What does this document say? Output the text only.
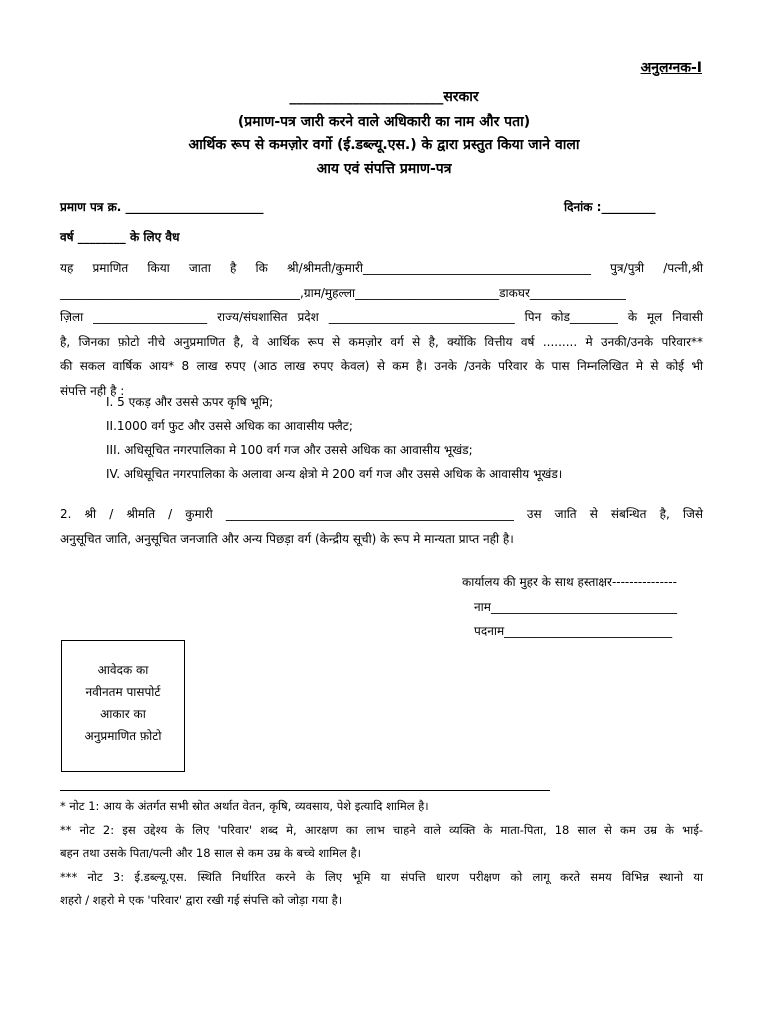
अनुलग्नक-I
______________________सरकार
(प्रमाण-पत्र जारी करने वाले अधिकारी का नाम और पता)
आर्थिक रूप से कमज़ोर वर्गो (ई.डब्ल्यू.एस.) के द्वारा प्रस्तुत किया जाने वाला
आय एवं संपत्ति प्रमाण-पत्र
प्रमाण पत्र क्र. _______________________	दिनांक :_________
वर्ष ________ के लिए वैध
यह प्रमाणित किया जाता है कि श्री/श्रीमती/कुमारी______________________________________ पुत्र/पुत्री /पत्नी,श्री
________________________________________,ग्राम/मुहल्ला________________________डाकघर________________
ज़िला ___________________ राज्य/संघशासित प्रदेश _______________________________ पिन कोड________ के मूल निवासी
है, जिनका फ़ोटो नीचे अनुप्रमाणित है, वे आर्थिक रूप से कमज़ोर वर्ग से है, क्योंकि वित्तीय वर्ष ......... मे उनकी/उनके परिवार**
की सकल वार्षिक आय* 8 लाख रुपए (आठ लाख रुपए केवल) से कम है। उनके /उनके परिवार के पास निम्नलिखित मे से कोई भी
संपत्ति नही है :
I. 5 एकड़ और उससे ऊपर कृषि भूमि;
II.1000 वर्ग फुट और उससे अधिक का आवासीय फ्लैट;
III. अधिसूचित नगरपालिका मे 100 वर्ग गज और उससे अधिक का आवासीय भूखंड;
IV. अधिसूचित नगरपालिका के अलावा अन्य क्षेत्रो मे 200 वर्ग गज और उससे अधिक के आवासीय भूखंड।
2. श्री / श्रीमति / कुमारी ________________________________________________ उस जाति से संबन्धित है, जिसे
अनुसूचित जाति, अनुसूचित जनजाति और अन्य पिछड़ा वर्ग (केन्द्रीय सूची) के रूप मे मान्यता प्राप्त नही है।
कार्यालय की मुहर के साथ हस्ताक्षर---------------
नाम_______________________________
पदनाम____________________________
आवेदक का
नवीनतम पासपोर्ट
आकार का
अनुप्रमाणित फ़ोटो
* नोट 1: आय के अंतर्गत सभी स्रोत अर्थात वेतन, कृषि, व्यवसाय, पेशे इत्यादि शामिल है।
** नोट 2: इस उद्देश्य के लिए 'परिवार' शब्द मे, आरक्षण का लाभ चाहने वाले व्यक्ति के माता-पिता, 18 साल से कम उम्र के भाई-
बहन तथा उसके पिता/पत्नी और 18 साल से कम उम्र के बच्चे शामिल है।
*** नोट 3: ई.डब्ल्यू.एस. स्थिति निर्धारित करने के लिए भूमि या संपत्ति धारण परीक्षण को लागू करते समय विभिन्न स्थानो या
शहरो / शहरो मे एक 'परिवार' द्वारा रखी गई संपत्ति को जोड़ा गया है।
